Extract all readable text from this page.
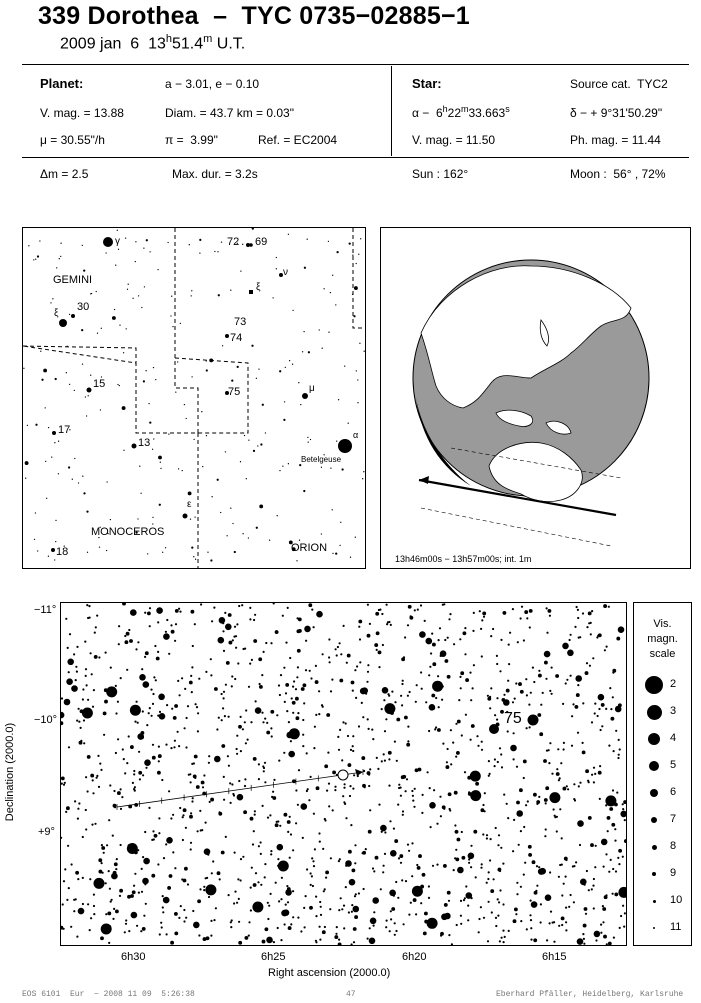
339 Dorothea  –  TYC 0735−02885−1
2009 jan  6  13$^h$51.4$^m$ U.T.
Planet:	a − 3.01, e − 0.10
V. mag. = 13.88	Diam. = 43.7 km = 0.03"
μ = 30.55"/h	π =  3.99"	Ref. = EC2004
Δm = 2.5	Max. dur. = 3.2s
Star:	Source cat.  TYC2
α −  6$^h$22$^m$33.663$^s$	δ − + 9°31'50.29"
V. mag. = 11.50	Ph. mag. = 11.44
Sun : 162°	Moon :  56° , 72%
γ
ξ
30
GEMINI
72 69
ξ
ν
73
74
75	μ
α
Betelgeuse
15
17
13
ε
MONOCEROS
ORION
18
13h46m00s − 13h57m00s; int. 1m
75
−11°
−10°
+9°
6h30	6h25	6h20	6h15
Right ascension (2000.0)
Declination (2000.0)
Vis.
magn.
scale
2
3
4
5
6
7
8
9
10
11
EOS 6101  Eur  − 2008 11 09  5:26:38	47	Eberhard Pfäller, Heidelberg, Karlsruhe
